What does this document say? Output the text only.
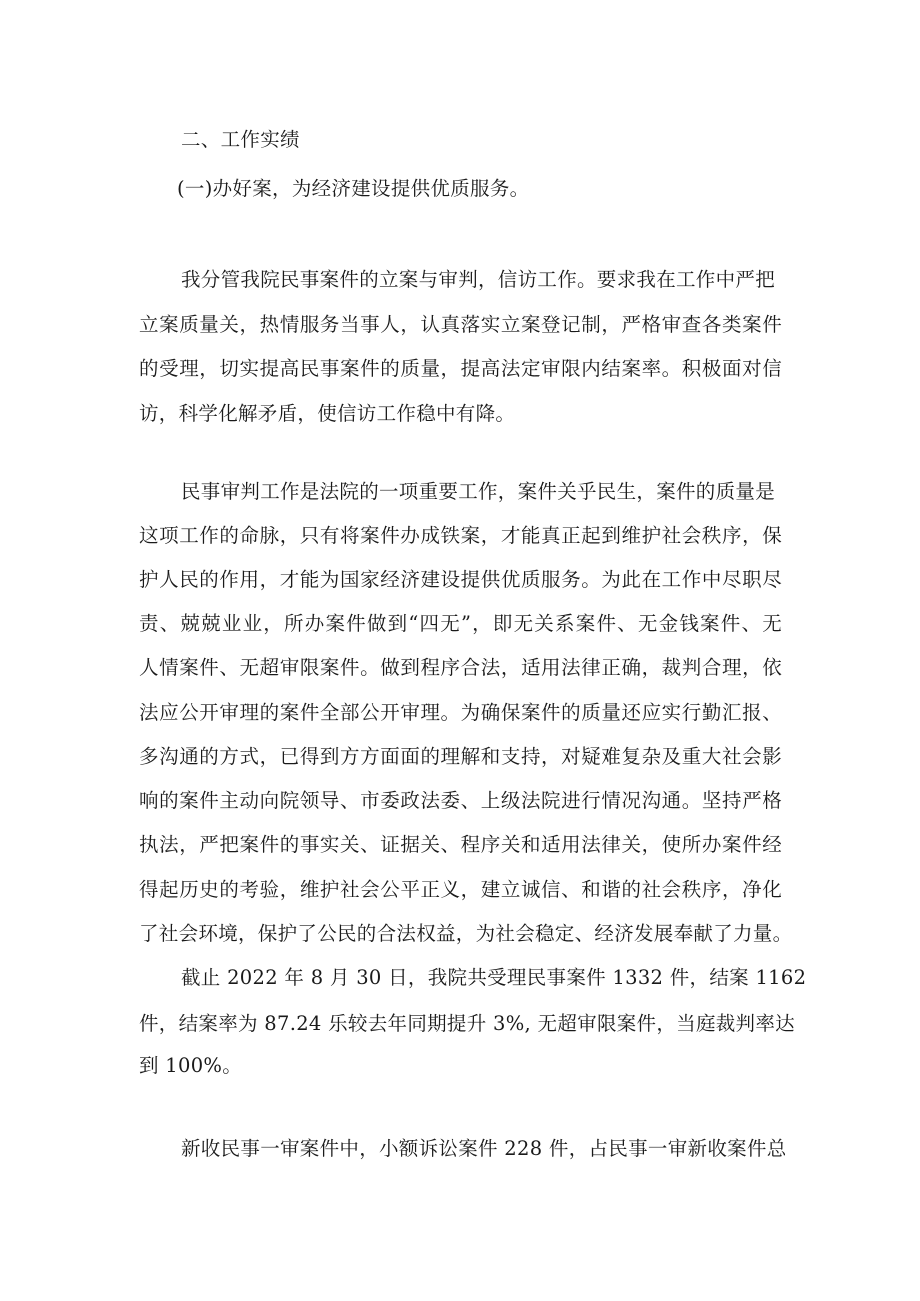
二、工作实绩
(一)办好案，为经济建设提供优质服务。
我分管我院民事案件的立案与审判，信访工作。要求我在工作中严把
立案质量关，热情服务当事人，认真落实立案登记制，严格审查各类案件
的受理，切实提高民事案件的质量，提高法定审限内结案率。积极面对信
访，科学化解矛盾，使信访工作稳中有降。
民事审判工作是法院的一项重要工作，案件关乎民生，案件的质量是
这项工作的命脉，只有将案件办成铁案，才能真正起到维护社会秩序，保
护人民的作用，才能为国家经济建设提供优质服务。为此在工作中尽职尽
责、兢兢业业，所办案件做到“四无”，即无关系案件、无金钱案件、无
人情案件、无超审限案件。做到程序合法，适用法律正确，裁判合理，依
法应公开审理的案件全部公开审理。为确保案件的质量还应实行勤汇报、
多沟通的方式，已得到方方面面的理解和支持，对疑难复杂及重大社会影
响的案件主动向院领导、市委政法委、上级法院进行情况沟通。坚持严格
执法，严把案件的事实关、证据关、程序关和适用法律关，使所办案件经
得起历史的考验，维护社会公平正义，建立诚信、和谐的社会秩序，净化
了社会环境，保护了公民的合法权益，为社会稳定、经济发展奉献了力量。
截止 2022 年 8 月 30 日，我院共受理民事案件 1332 件，结案 1162
件，结案率为 87.24 乐较去年同期提升 3%, 无超审限案件，当庭裁判率达
到 100%。
新收民事一审案件中，小额诉讼案件 228 件，占民事一审新收案件总
